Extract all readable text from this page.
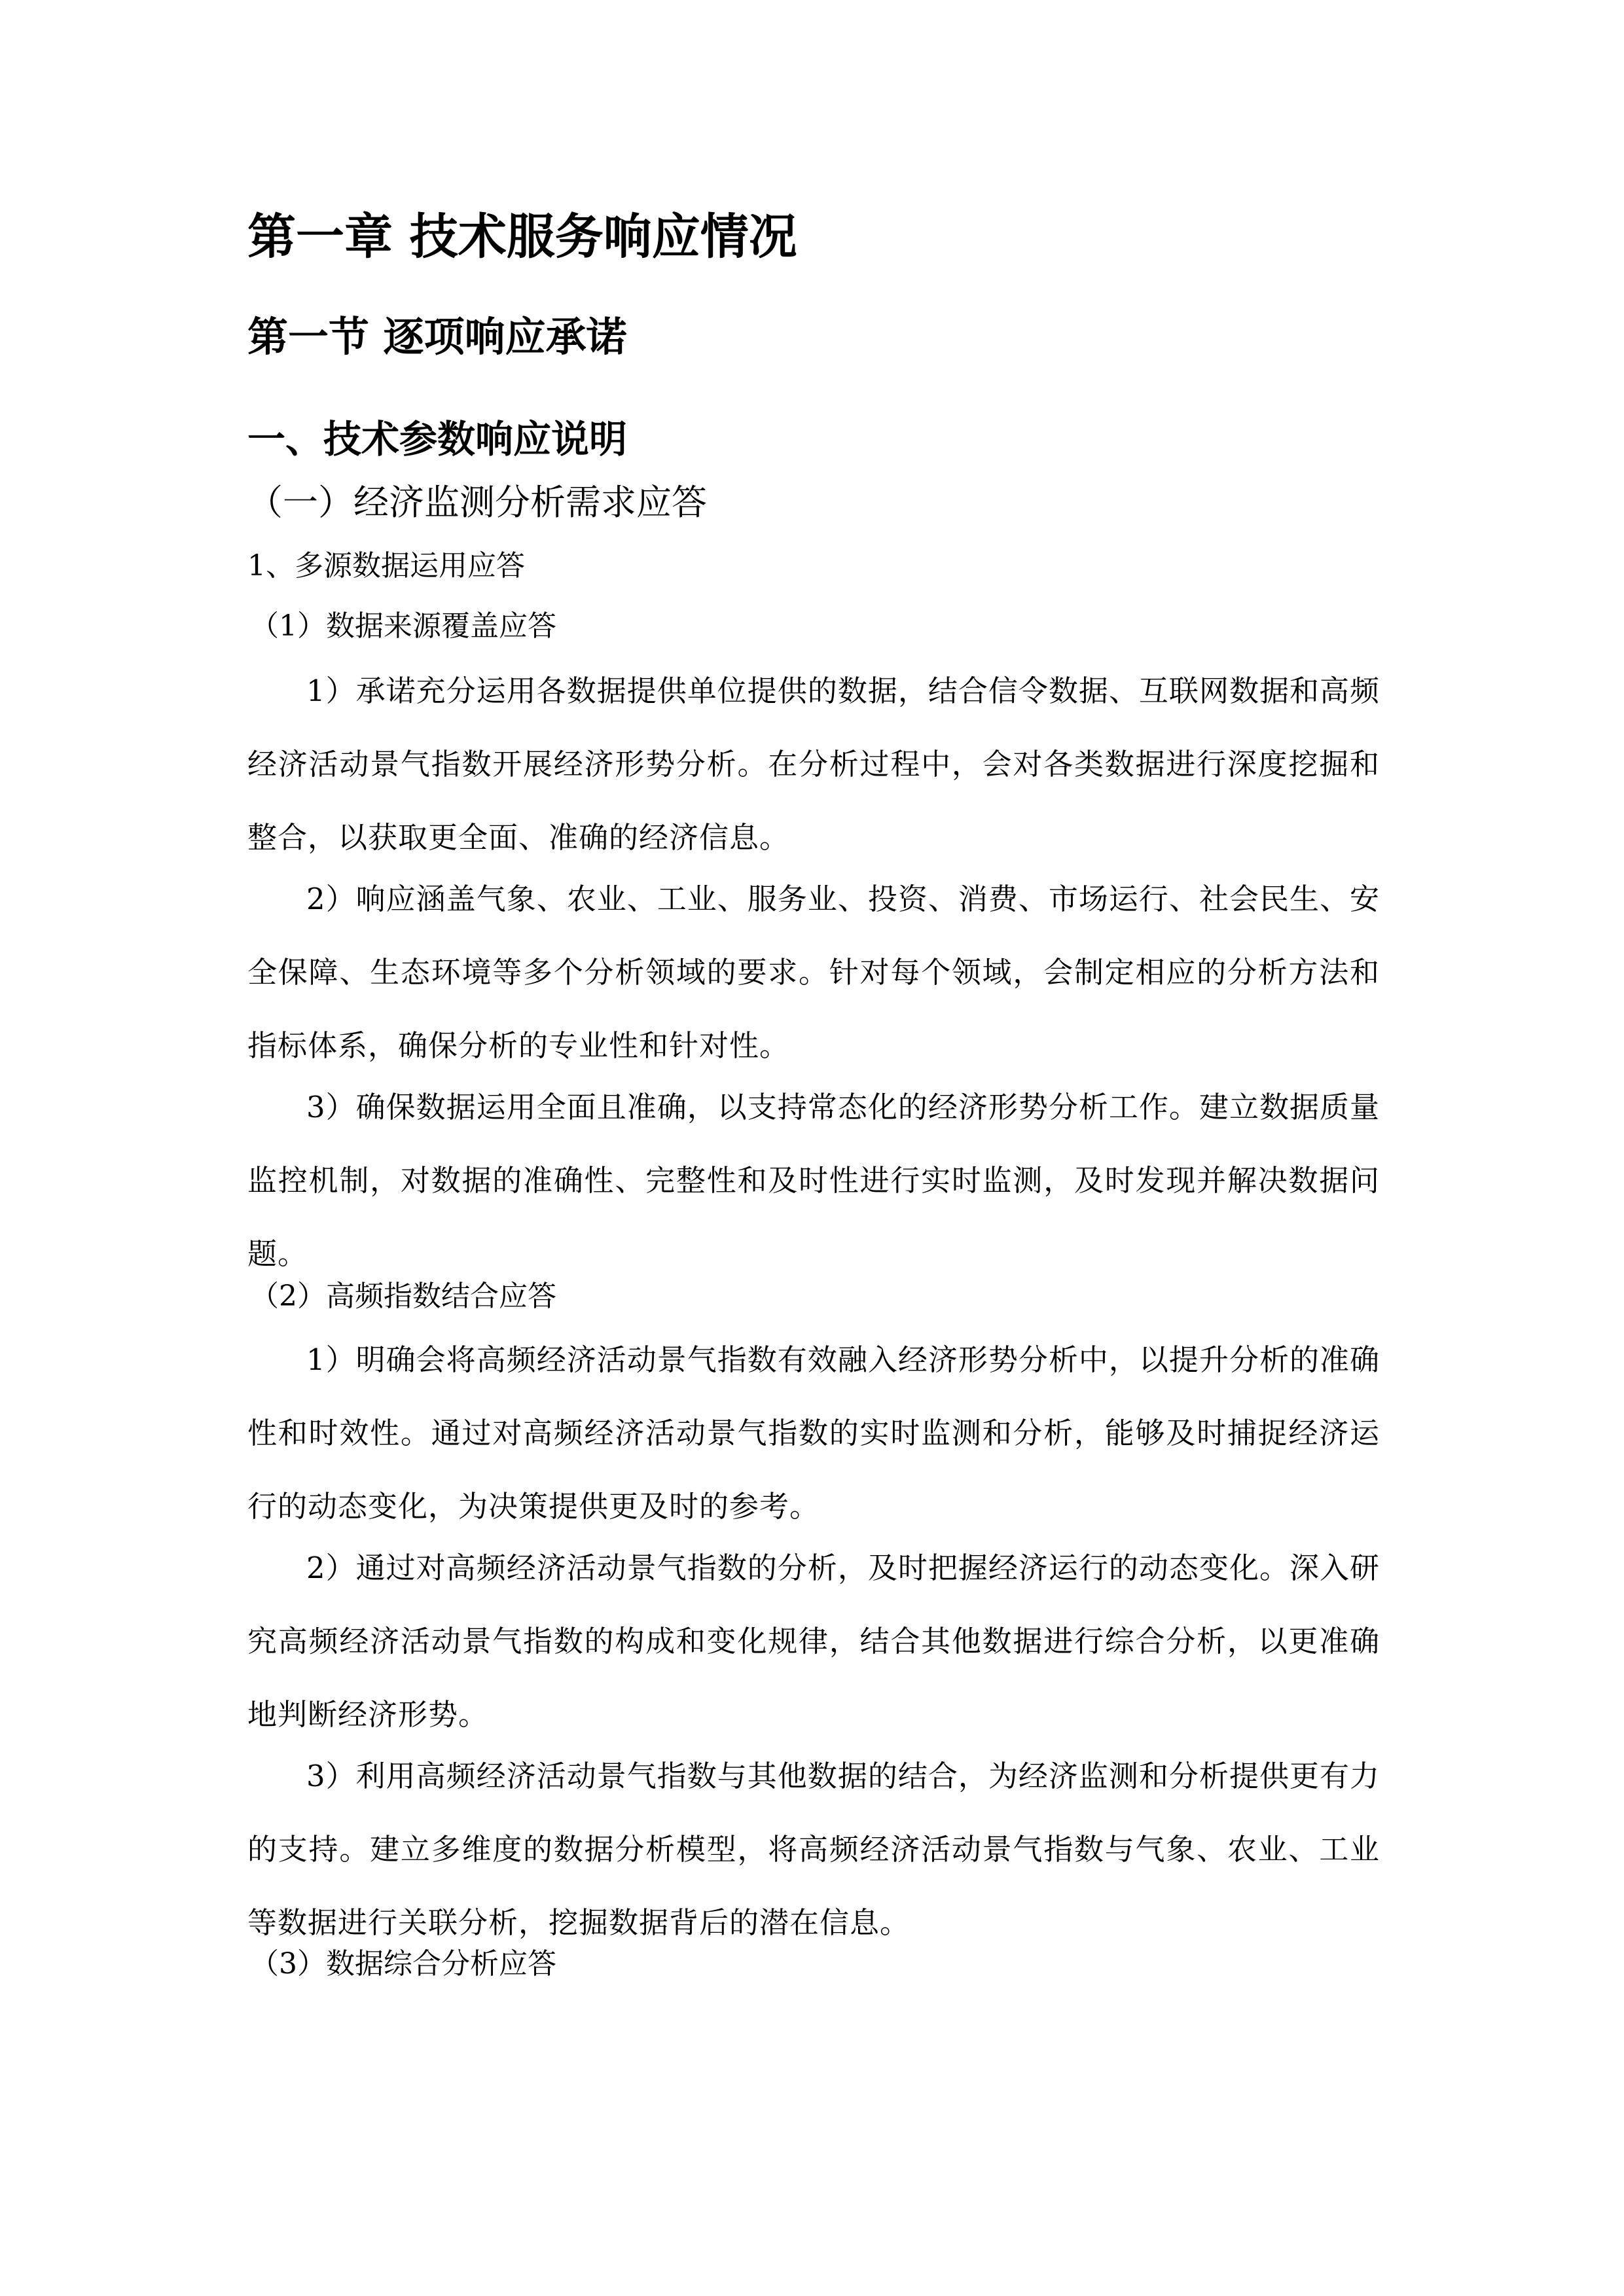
第一章 技术服务响应情况
第一节 逐项响应承诺
一、技术参数响应说明
（一）经济监测分析需求应答
1、多源数据运用应答
（1）数据来源覆盖应答
1）承诺充分运用各数据提供单位提供的数据，结合信令数据、互联网数据和高频经济活动景气指数开展经济形势分析。在分析过程中，会对各类数据进行深度挖掘和整合，以获取更全面、准确的经济信息。
2）响应涵盖气象、农业、工业、服务业、投资、消费、市场运行、社会民生、安全保障、生态环境等多个分析领域的要求。针对每个领域，会制定相应的分析方法和指标体系，确保分析的专业性和针对性。
3）确保数据运用全面且准确，以支持常态化的经济形势分析工作。建立数据质量监控机制，对数据的准确性、完整性和及时性进行实时监测，及时发现并解决数据问题。
（2）高频指数结合应答
1）明确会将高频经济活动景气指数有效融入经济形势分析中，以提升分析的准确性和时效性。通过对高频经济活动景气指数的实时监测和分析，能够及时捕捉经济运行的动态变化，为决策提供更及时的参考。
2）通过对高频经济活动景气指数的分析，及时把握经济运行的动态变化。深入研究高频经济活动景气指数的构成和变化规律，结合其他数据进行综合分析，以更准确地判断经济形势。
3）利用高频经济活动景气指数与其他数据的结合，为经济监测和分析提供更有力的支持。建立多维度的数据分析模型，将高频经济活动景气指数与气象、农业、工业等数据进行关联分析，挖掘数据背后的潜在信息。
（3）数据综合分析应答
